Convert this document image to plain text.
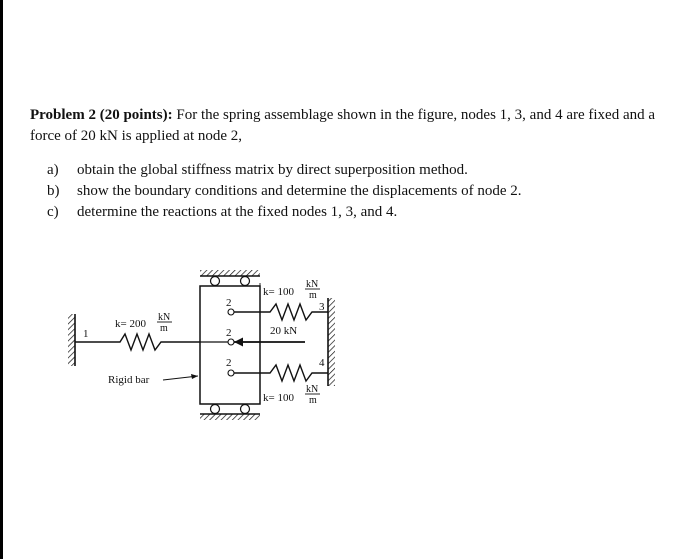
Problem 2 (20 points): For the spring assemblage shown in the figure, nodes 1, 3, and 4 are fixed and a force of 20 kN is applied at node 2,

a) obtain the global stiffness matrix by direct superposition method.
b) show the boundary conditions and determine the displacements of node 2.
c) determine the reactions at the fixed nodes 1, 3, and 4.
1
k= 200
kN
m
Rigid bar
2
2
2
3
4
k= 100
kN
m
20 kN
k= 100
kN
m
